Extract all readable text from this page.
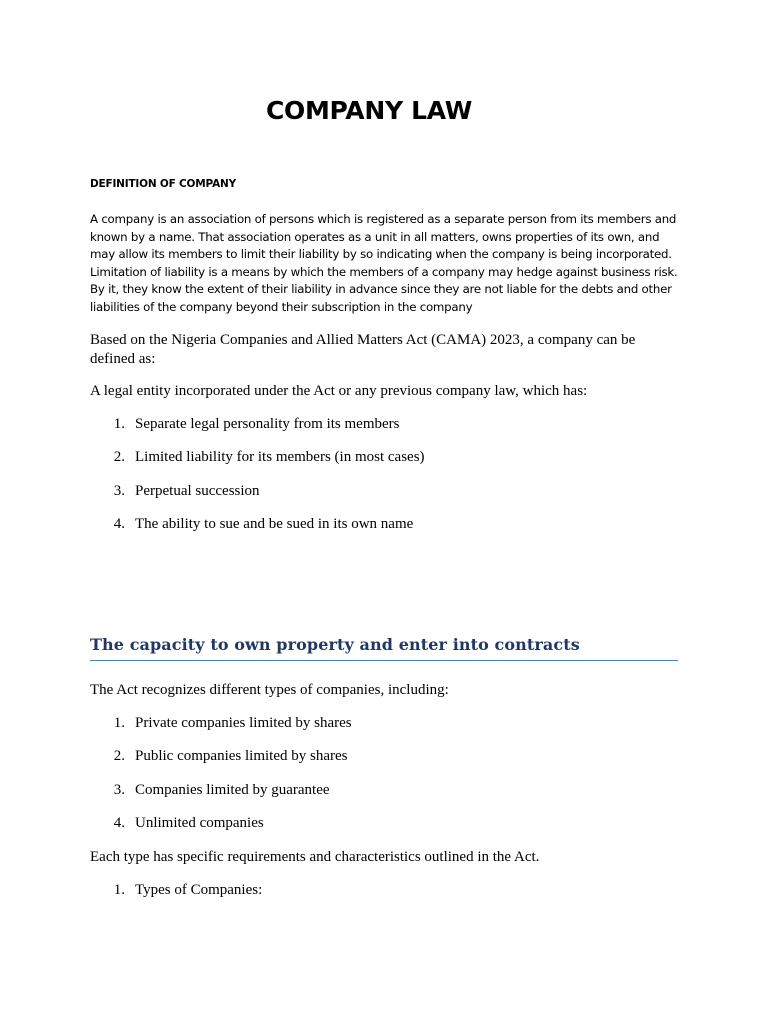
COMPANY LAW

DEFINITION OF COMPANY

A company is an association of persons which is registered as a separate person from its members and known by a name. That association operates as a unit in all matters, owns properties of its own, and may allow its members to limit their liability by so indicating when the company is being incorporated. Limitation of liability is a means by which the members of a company may hedge against business risk. By it, they know the extent of their liability in advance since they are not liable for the debts and other liabilities of the company beyond their subscription in the company

Based on the Nigeria Companies and Allied Matters Act (CAMA) 2023, a company can be defined as:

A legal entity incorporated under the Act or any previous company law, which has:

1. Separate legal personality from its members
2. Limited liability for its members (in most cases)
3. Perpetual succession
4. The ability to sue and be sued in its own name
The capacity to own property and enter into contracts

The Act recognizes different types of companies, including:

1. Private companies limited by shares
2. Public companies limited by shares
3. Companies limited by guarantee
4. Unlimited companies

Each type has specific requirements and characteristics outlined in the Act.

1. Types of Companies:
